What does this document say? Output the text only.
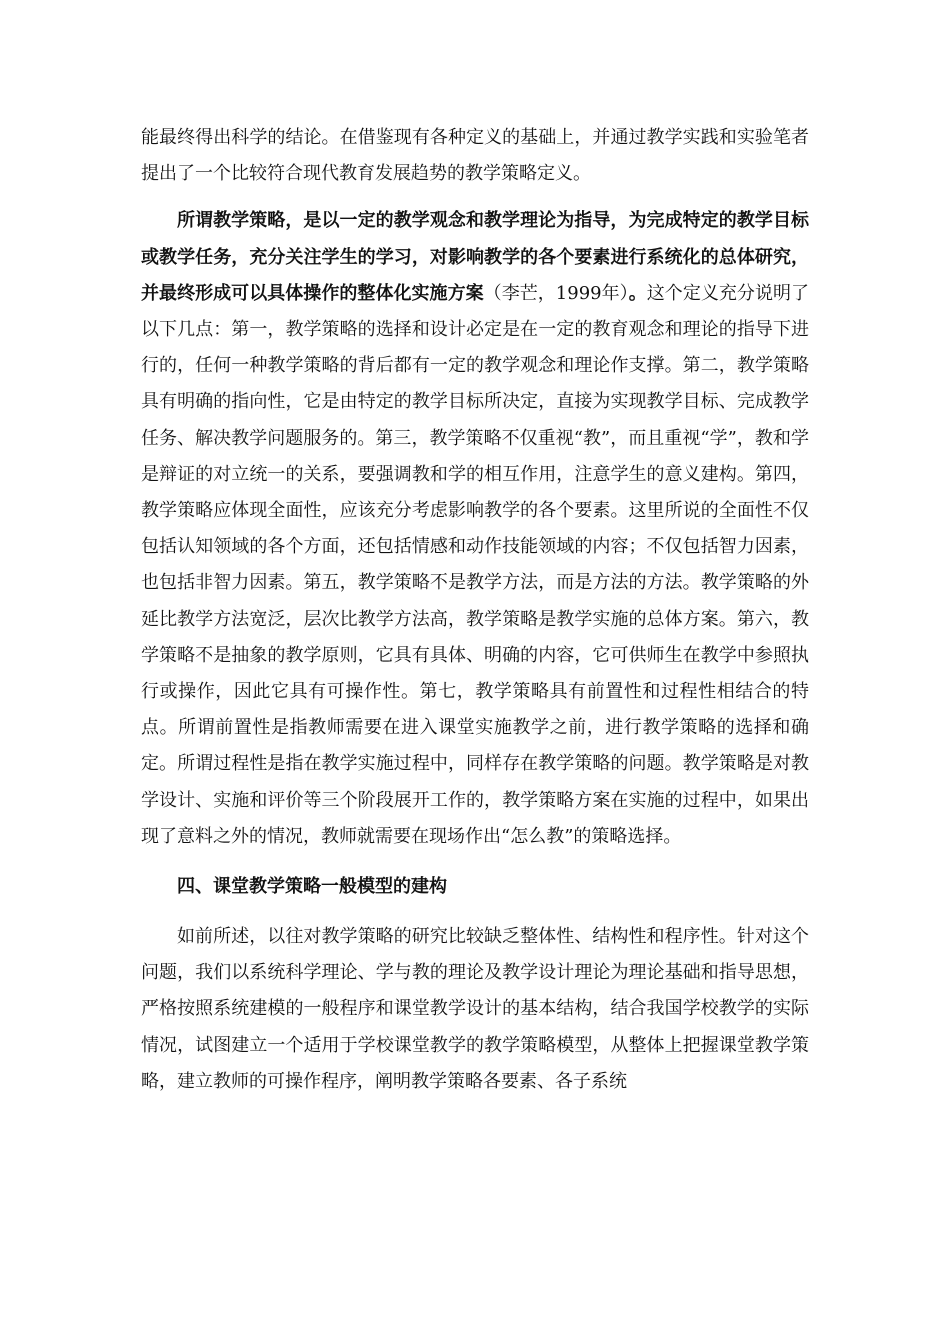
能最终得出科学的结论。在借鉴现有各种定义的基础上，并通过教学实践和实验笔者提出了一个比较符合现代教育发展趋势的教学策略定义。

所谓教学策略，是以一定的教学观念和教学理论为指导，为完成特定的教学目标或教学任务，充分关注学生的学习，对影响教学的各个要素进行系统化的总体研究，并最终形成可以具体操作的整体化实施方案（李芒，1999年）。这个定义充分说明了以下几点：第一，教学策略的选择和设计必定是在一定的教育观念和理论的指导下进行的，任何一种教学策略的背后都有一定的教学观念和理论作支撑。第二，教学策略具有明确的指向性，它是由特定的教学目标所决定，直接为实现教学目标、完成教学任务、解决教学问题服务的。第三，教学策略不仅重视“教”，而且重视“学”，教和学是辩证的对立统一的关系，要强调教和学的相互作用，注意学生的意义建构。第四，教学策略应体现全面性，应该充分考虑影响教学的各个要素。这里所说的全面性不仅包括认知领域的各个方面，还包括情感和动作技能领域的内容；不仅包括智力因素，也包括非智力因素。第五，教学策略不是教学方法，而是方法的方法。教学策略的外延比教学方法宽泛，层次比教学方法高，教学策略是教学实施的总体方案。第六，教学策略不是抽象的教学原则，它具有具体、明确的内容，它可供师生在教学中参照执行或操作，因此它具有可操作性。第七，教学策略具有前置性和过程性相结合的特点。所谓前置性是指教师需要在进入课堂实施教学之前，进行教学策略的选择和确定。所谓过程性是指在教学实施过程中，同样存在教学策略的问题。教学策略是对教学设计、实施和评价等三个阶段展开工作的，教学策略方案在实施的过程中，如果出现了意料之外的情况，教师就需要在现场作出“怎么教”的策略选择。

四、课堂教学策略一般模型的建构

如前所述，以往对教学策略的研究比较缺乏整体性、结构性和程序性。针对这个问题，我们以系统科学理论、学与教的理论及教学设计理论为理论基础和指导思想，严格按照系统建模的一般程序和课堂教学设计的基本结构，结合我国学校教学的实际情况，试图建立一个适用于学校课堂教学的教学策略模型，从整体上把握课堂教学策略，建立教师的可操作程序，阐明教学策略各要素、各子系统
